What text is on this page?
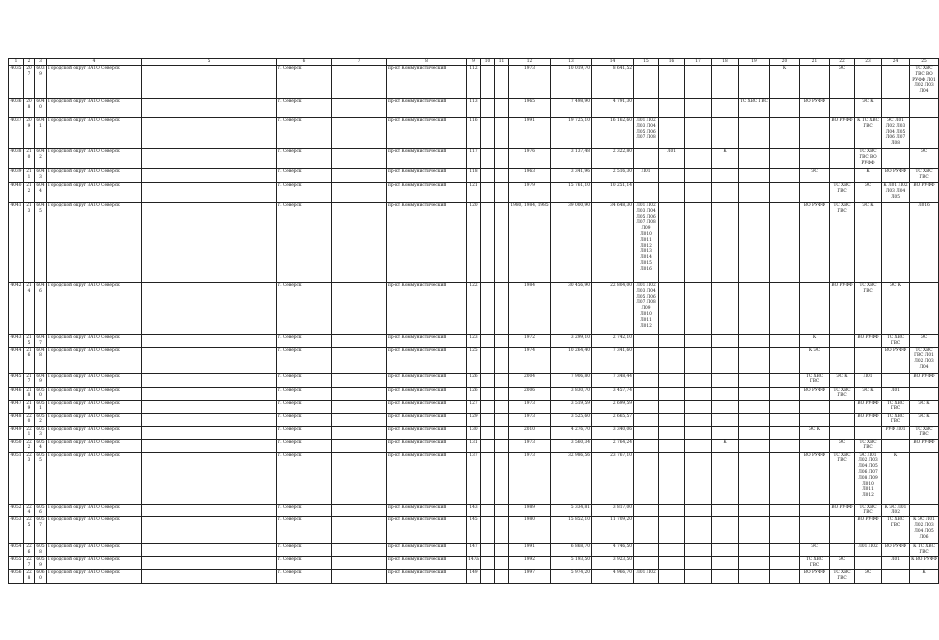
1	2	3	4	5	6	7	8	9	10	11	12	13	14	15	16	17	18	19	20	21	22	23	24	25
4035	207	6039	Городской округ ЗАТО Северск		г. Северск		пр-кт Коммунистический	112			1973	10 019,70	8 641,52						К		ЭС			ТС ХВС ГВС ВО РУФФ Л01 Л02 Л03 Л04
4036	208	6040	Городской округ ЗАТО Северск		г. Северск		пр-кт Коммунистический	113			1965	7 498,90	4 791,30					ТС ХВС ГВС		ВО РУФФ		ЭС К		
4037	209	6041	Городской округ ЗАТО Северск		г. Северск		пр-кт Коммунистический	116			1991	19 725,10	16 162,60	Л01 Л02 Л03 Л04 Л05 Л06 Л07 Л08							ВО РУФФ	К ТС ХВС ГВС	ЭС Л01 Л02 Л03 Л04 Л05 Л06 Л07 Л08	
4038	210	6042	Городской округ ЗАТО Северск		г. Северск		пр-кт Коммунистический	117			1976	3 137,48	2 322,80		Л01		К					ТС ХВС ГВС ВО РУФФ		ЭС
4039	211	6043	Городской округ ЗАТО Северск		г. Северск		пр-кт Коммунистический	118			1963	3 341,96	2 516,30	Л01						ЭС		К	ВО РУФФ	ТС ХВС ГВС
4040	212	6044	Городской округ ЗАТО Северск		г. Северск		пр-кт Коммунистический	121			1979	15 761,10	10 251,14								ТС ХВС ГВС	ЭС	К Л01 Л02 Л03 Л04 Л05	ВО РУФФ
4041	213	6045	Городской округ ЗАТО Северск		г. Северск		пр-кт Коммунистический	120			1980, 1984, 1985	39 000,90	34 648,30	Л01 Л02 Л03 Л04 Л05 Л06 Л07 Л08 Л09 Л010 Л011 Л012 Л013 Л014 Л015 Л016						ВО РУФФ	ТС ХВС ГВС	ЭС К		Л016
4042	214	6046	Городской округ ЗАТО Северск		г. Северск		пр-кт Коммунистический	122			1984	30 456,90	22 804,00	Л01 Л02 Л03 Л04 Л05 Л06 Л07 Л08 Л09 Л010 Л011 Л012							ВО РУФФ	ТС ХВС ГВС	ЭС К	
4043	215	6047	Городской округ ЗАТО Северск		г. Северск		пр-кт Коммунистический	123			1972	3 299,10	2 742,10							К		ВО РУФФ	ТС ХВС ГВС	ЭС
4044	216	6048	Городской округ ЗАТО Северск		г. Северск		пр-кт Коммунистический	125			1974	10 264,40	7 341,60							К ЭС			ВО РУФФ	ТС ХВС ГВС Л01 Л02 Л03 Л04
4045	217	6049	Городской округ ЗАТО Северск		г. Северск		пр-кт Коммунистический	126			2004	7 906,80	7 348,44							ТС ХВС ГВС	ЭС К	Л01		ВО РУФФ
4046	218	6050	Городской округ ЗАТО Северск		г. Северск		пр-кт Коммунистический	126			2006	3 830,70	3 457,74							ВО РУФФ	ТС ХВС ГВС	ЭС К	Л01	
4047	219	6051	Городской округ ЗАТО Северск		г. Северск		пр-кт Коммунистический	127			1973	3 519,59	2 699,59									ВО РУФФ	ТС ХВС ГВС	ЭС К
4048	220	6052	Городской округ ЗАТО Северск		г. Северск		пр-кт Коммунистический	129			1973	3 525,60	2 665,57									ВО РУФФ	ТС ХВС ГВС	ЭС К
4049	221	6053	Городской округ ЗАТО Северск		г. Северск		пр-кт Коммунистический	130			2010	4 276,70	3 340,06							ЭС К			РУФ Л01	ТС ХВС ГВС
4050	222	6054	Городской округ ЗАТО Северск		г. Северск		пр-кт Коммунистический	131			1973	3 560,34	2 764,24				К				ЭС	ТС ХВС ГВС		ВО РУФФ
4051	223	6055	Городской округ ЗАТО Северск		г. Северск		пр-кт Коммунистический	137			1973	32 986,56	23 767,10							ВО РУФФ	ТС ХВС ГВС	ЭС Л01 Л02 Л03 Л04 Л05 Л06 Л07 Л08 Л09 Л010 Л011 Л012	К	
4052	224	6056	Городской округ ЗАТО Северск		г. Северск		пр-кт Коммунистический	143			1989	5 334,81	3 817,00								ВО РУФФ	ТС ХВС ГВС	К ЭС Л01 Л02	
4053	225	6057	Городской округ ЗАТО Северск		г. Северск		пр-кт Коммунистический	145			1980	15 852,10	11 709,20									ВО РУФФ	ТС ХВС ГВС	К ЭС Л01 Л02 Л03 Л04 Л05 Л06
4054	226	6058	Городской округ ЗАТО Северск		г. Северск		пр-кт Коммунистический	147			1991	6 868,70	4 746,50							ЭС		Л01 Л02	ВО РУФФ	К ТС ХВС ГВС
4055	227	6059	Городской округ ЗАТО Северск		г. Северск		пр-кт Коммунистический	147а			1992	5 193,50	3 923,50							ТС ХВС ГВС	ЭС		Л01	К ВО РУФФ
4056	228	6060	Городской округ ЗАТО Северск		г. Северск		пр-кт Коммунистический	149			1997	5 974,20	4 966,70	Л01 Л02						ВО РУФФ	ТС ХВС ГВС	ЭС		К
